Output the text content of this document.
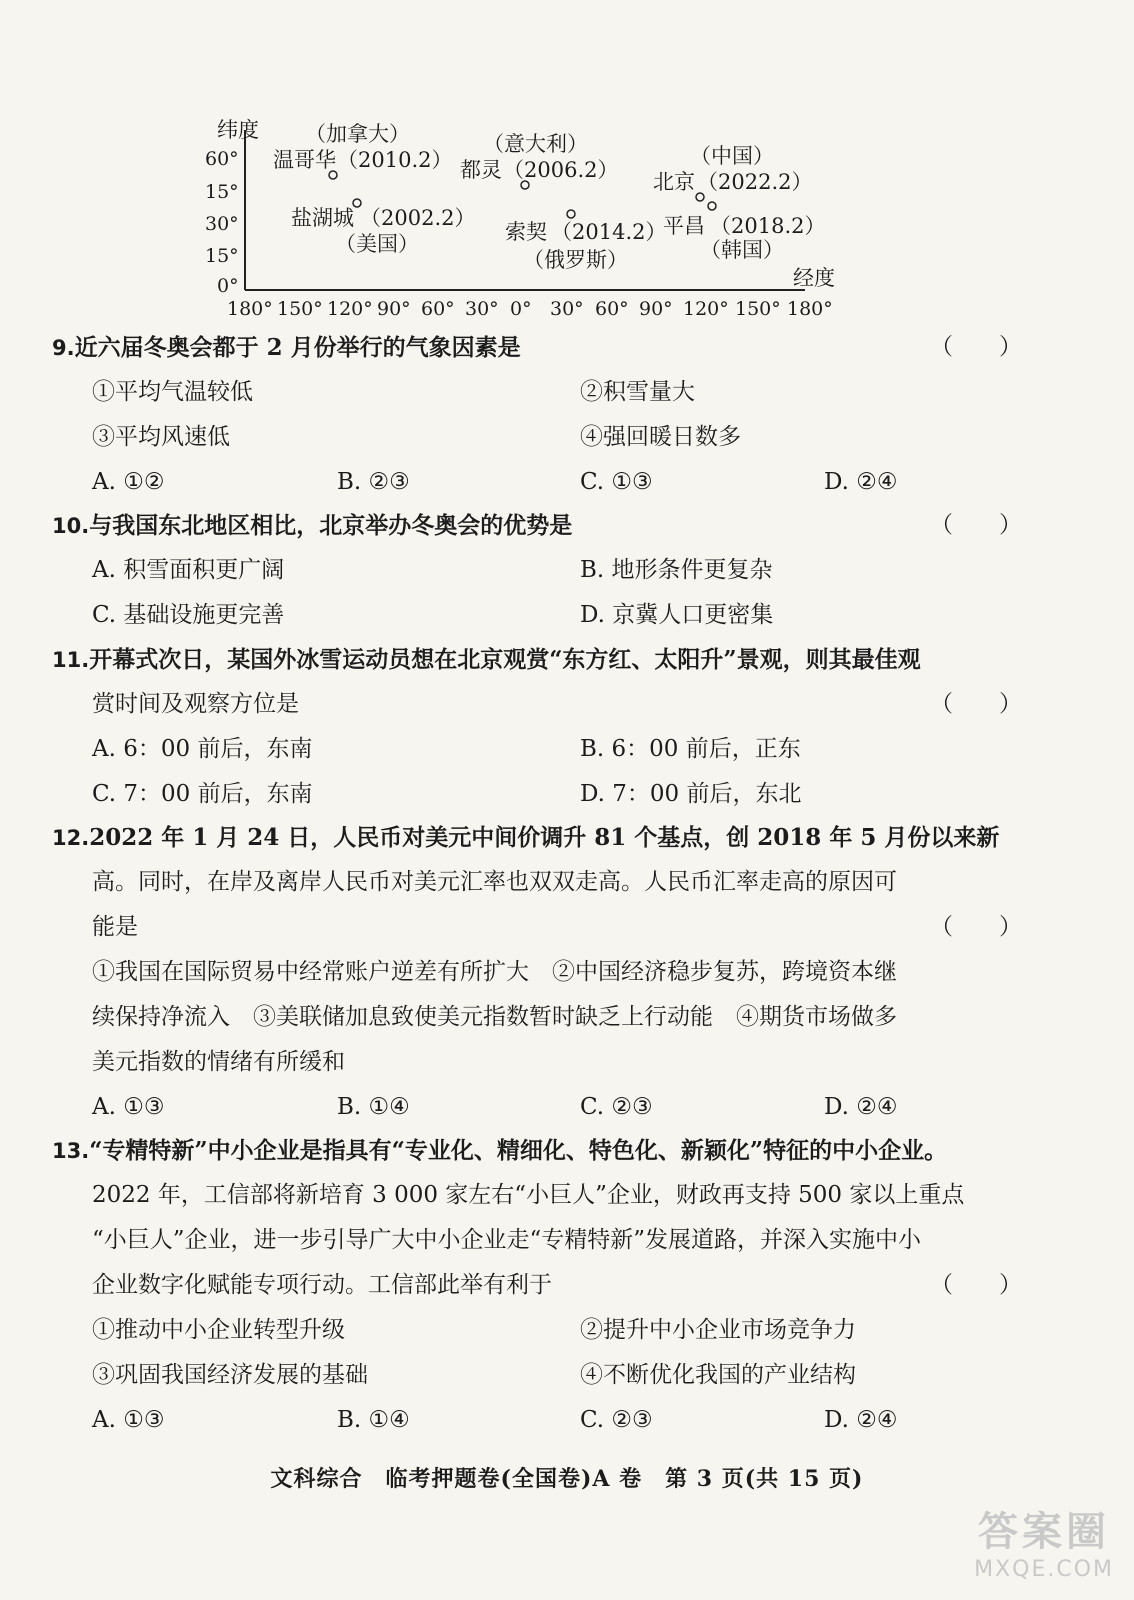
纬度
经度
60°
15°
30°
15°
0°
180° 150° 120° 90° 60° 30° 0° 30° 60° 90° 120° 150° 180°
（加拿大）
温哥华 （2010.2）
（意大利）
都灵 （2006.2）
（中国）
北京 （2022.2）
盐湖城 （2002.2）
（美国）	索契 （2014.2）
（俄罗斯）
平昌 （2018.2）
（韩国）
9.近六届冬奥会都于 2 月份举行的气象因素是	（　　）
①平均气温较低	②积雪量大
③平均风速低	④强回暖日数多
A. ①②	B. ②③	C. ①③	D. ②④
10.与我国东北地区相比，北京举办冬奥会的优势是	（　　）
A. 积雪面积更广阔	B. 地形条件更复杂
C. 基础设施更完善	D. 京冀人口更密集
11.开幕式次日，某国外冰雪运动员想在北京观赏“东方红、太阳升”景观，则其最佳观
赏时间及观察方位是	（　　）
A. 6：00 前后，东南	B. 6：00 前后，正东
C. 7：00 前后，东南	D. 7：00 前后，东北
12.2022 年 1 月 24 日，人民币对美元中间价调升 81 个基点，创 2018 年 5 月份以来新
高。同时，在岸及离岸人民币对美元汇率也双双走高。人民币汇率走高的原因可
能是	（　　）
①我国在国际贸易中经常账户逆差有所扩大　②中国经济稳步复苏，跨境资本继
续保持净流入　③美联储加息致使美元指数暂时缺乏上行动能　④期货市场做多
美元指数的情绪有所缓和
A. ①③	B. ①④	C. ②③	D. ②④
13.“专精特新”中小企业是指具有“专业化、精细化、特色化、新颖化”特征的中小企业。
2022 年，工信部将新培育 3 000 家左右“小巨人”企业，财政再支持 500 家以上重点
“小巨人”企业，进一步引导广大中小企业走“专精特新”发展道路，并深入实施中小
企业数字化赋能专项行动。工信部此举有利于	（　　）
①推动中小企业转型升级	②提升中小企业市场竞争力
③巩固我国经济发展的基础	④不断优化我国的产业结构
A. ①③	B. ①④	C. ②③	D. ②④
文科综合　临考押题卷(全国卷)A 卷　第 3 页(共 15 页)
答案圈
MXQE.COM
